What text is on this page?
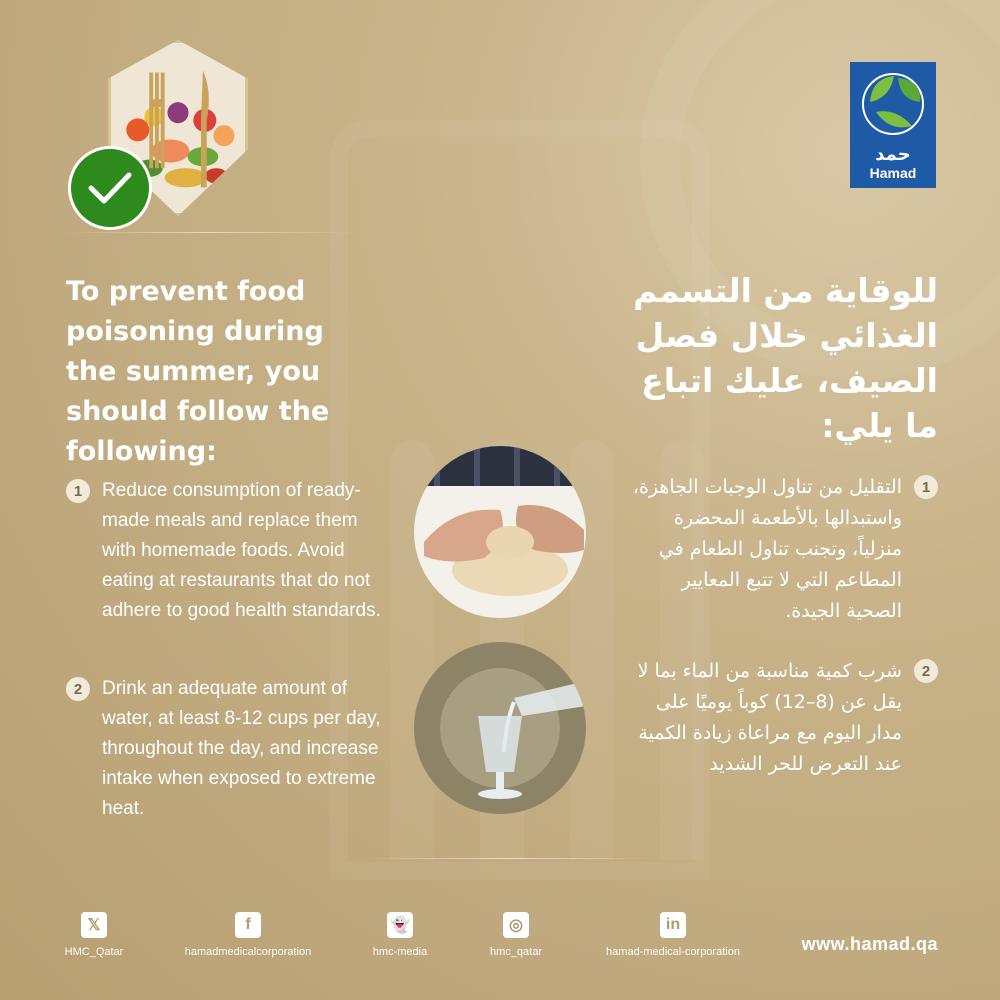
حمد
Hamad
To prevent food poisoning during the summer, you should follow the following:
للوقاية من التسمم الغذائي خلال فصل الصيف، عليك اتباع ما يلي:
1	Reduce consumption of ready-made meals and replace them with homemade foods. Avoid eating at restaurants that do not adhere to good health standards.
1
التقليل من تناول الوجبات الجاهزة، واستبدالها بالأطعمة المحضرة منزلياً، وتجنب تناول الطعام في المطاعم التي لا تتبع المعايير الصحية الجيدة.
2	Drink an adequate amount of water, at least 8-12 cups per day, throughout the day, and increase intake when exposed to extreme heat.
2
شرب كمية مناسبة من الماء بما لا يقل عن (8–12) كوباً يوميًا على مدار اليوم مع مراعاة زيادة الكمية عند التعرض للحر الشديد
𝕏
HMC_Qatar
f
hamadmedicalcorporation
👻
hmc-media
◎
hmc_qatar
in
hamad-medical-corporation	www.hamad.qa
